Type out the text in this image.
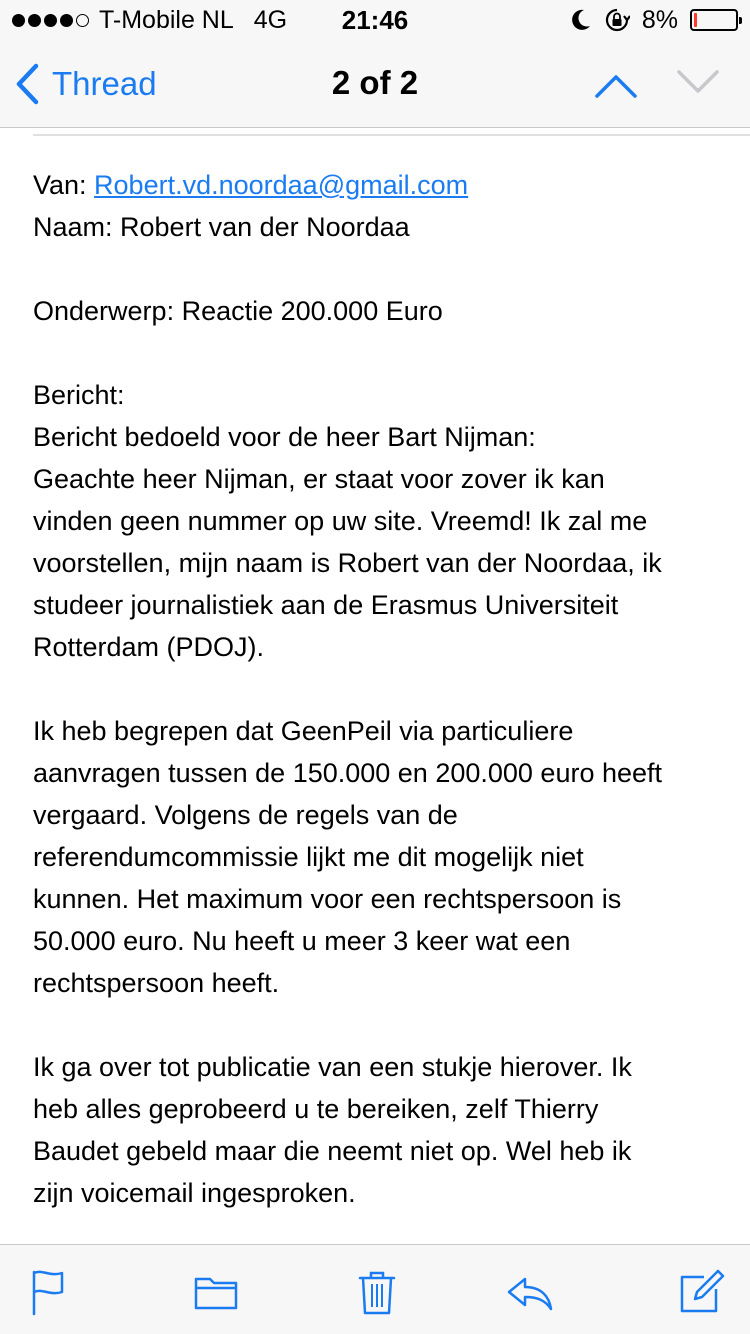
T-Mobile NL 4G	21:46	8%
Thread	2 of 2

Van: Robert.vd.noordaa@gmail.com

Naam: Robert van der Noordaa

Onderwerp: Reactie 200.000 Euro

Bericht:

Bericht bedoeld voor de heer Bart Nijman:

Geachte heer Nijman, er staat voor zover ik kan

vinden geen nummer op uw site. Vreemd! Ik zal me

voorstellen, mijn naam is Robert van der Noordaa, ik

studeer journalistiek aan de Erasmus Universiteit

Rotterdam (PDOJ).

Ik heb begrepen dat GeenPeil via particuliere

aanvragen tussen de 150.000 en 200.000 euro heeft

vergaard. Volgens de regels van de

referendumcommissie lijkt me dit mogelijk niet

kunnen. Het maximum voor een rechtspersoon is

50.000 euro. Nu heeft u meer 3 keer wat een

rechtspersoon heeft.

Ik ga over tot publicatie van een stukje hierover. Ik

heb alles geprobeerd u te bereiken, zelf Thierry

Baudet gebeld maar die neemt niet op. Wel heb ik

zijn voicemail ingesproken.
